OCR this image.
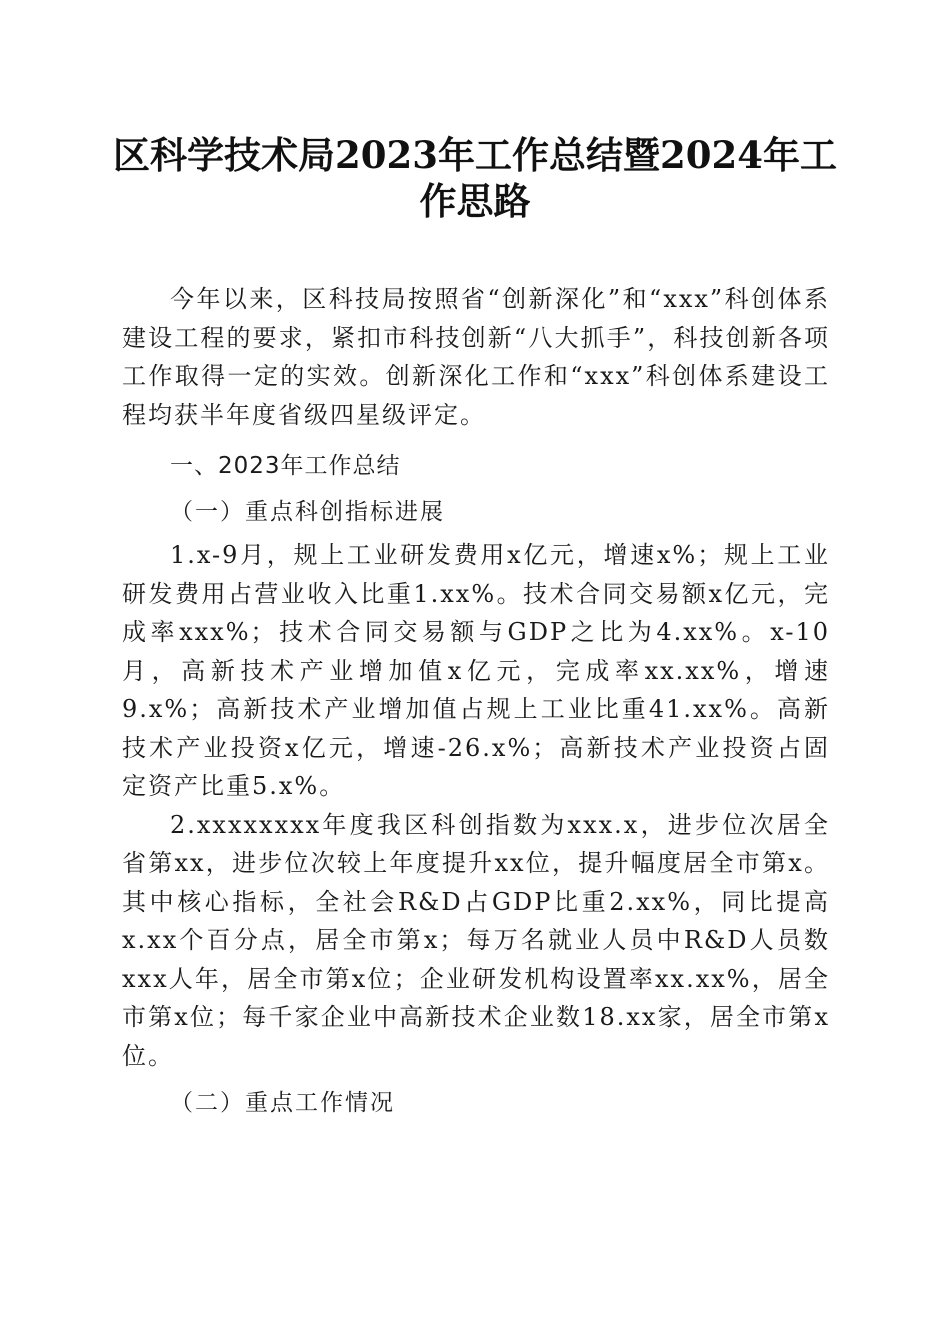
区科学技术局2023年工作总结暨2024年工作思路

今年以来，区科技局按照省“创新深化”和“xxx”科创体系建设工程的要求，紧扣市科技创新“八大抓手”，科技创新各项工作取得一定的实效。创新深化工作和“xxx”科创体系建设工程均获半年度省级四星级评定。

一、2023年工作总结

（一）重点科创指标进展

1.x-9月，规上工业研发费用x亿元，增速x%；规上工业研发费用占营业收入比重1.xx%。技术合同交易额x亿元，完成率xxx%；技术合同交易额与GDP之比为4.xx%。x-10月，高新技术产业增加值x亿元，完成率xx.xx%，增速9.x%；高新技术产业增加值占规上工业比重41.xx%。高新技术产业投资x亿元，增速-26.x%；高新技术产业投资占固定资产比重5.x%。

2.xxxxxxxx年度我区科创指数为xxx.x，进步位次居全省第xx，进步位次较上年度提升xx位，提升幅度居全市第x。其中核心指标，全社会R&D占GDP比重2.xx%，同比提高x.xx个百分点，居全市第x；每万名就业人员中R&D人员数xxx人年，居全市第x位；企业研发机构设置率xx.xx%，居全市第x位；每千家企业中高新技术企业数18.xx家，居全市第x位。

（二）重点工作情况
